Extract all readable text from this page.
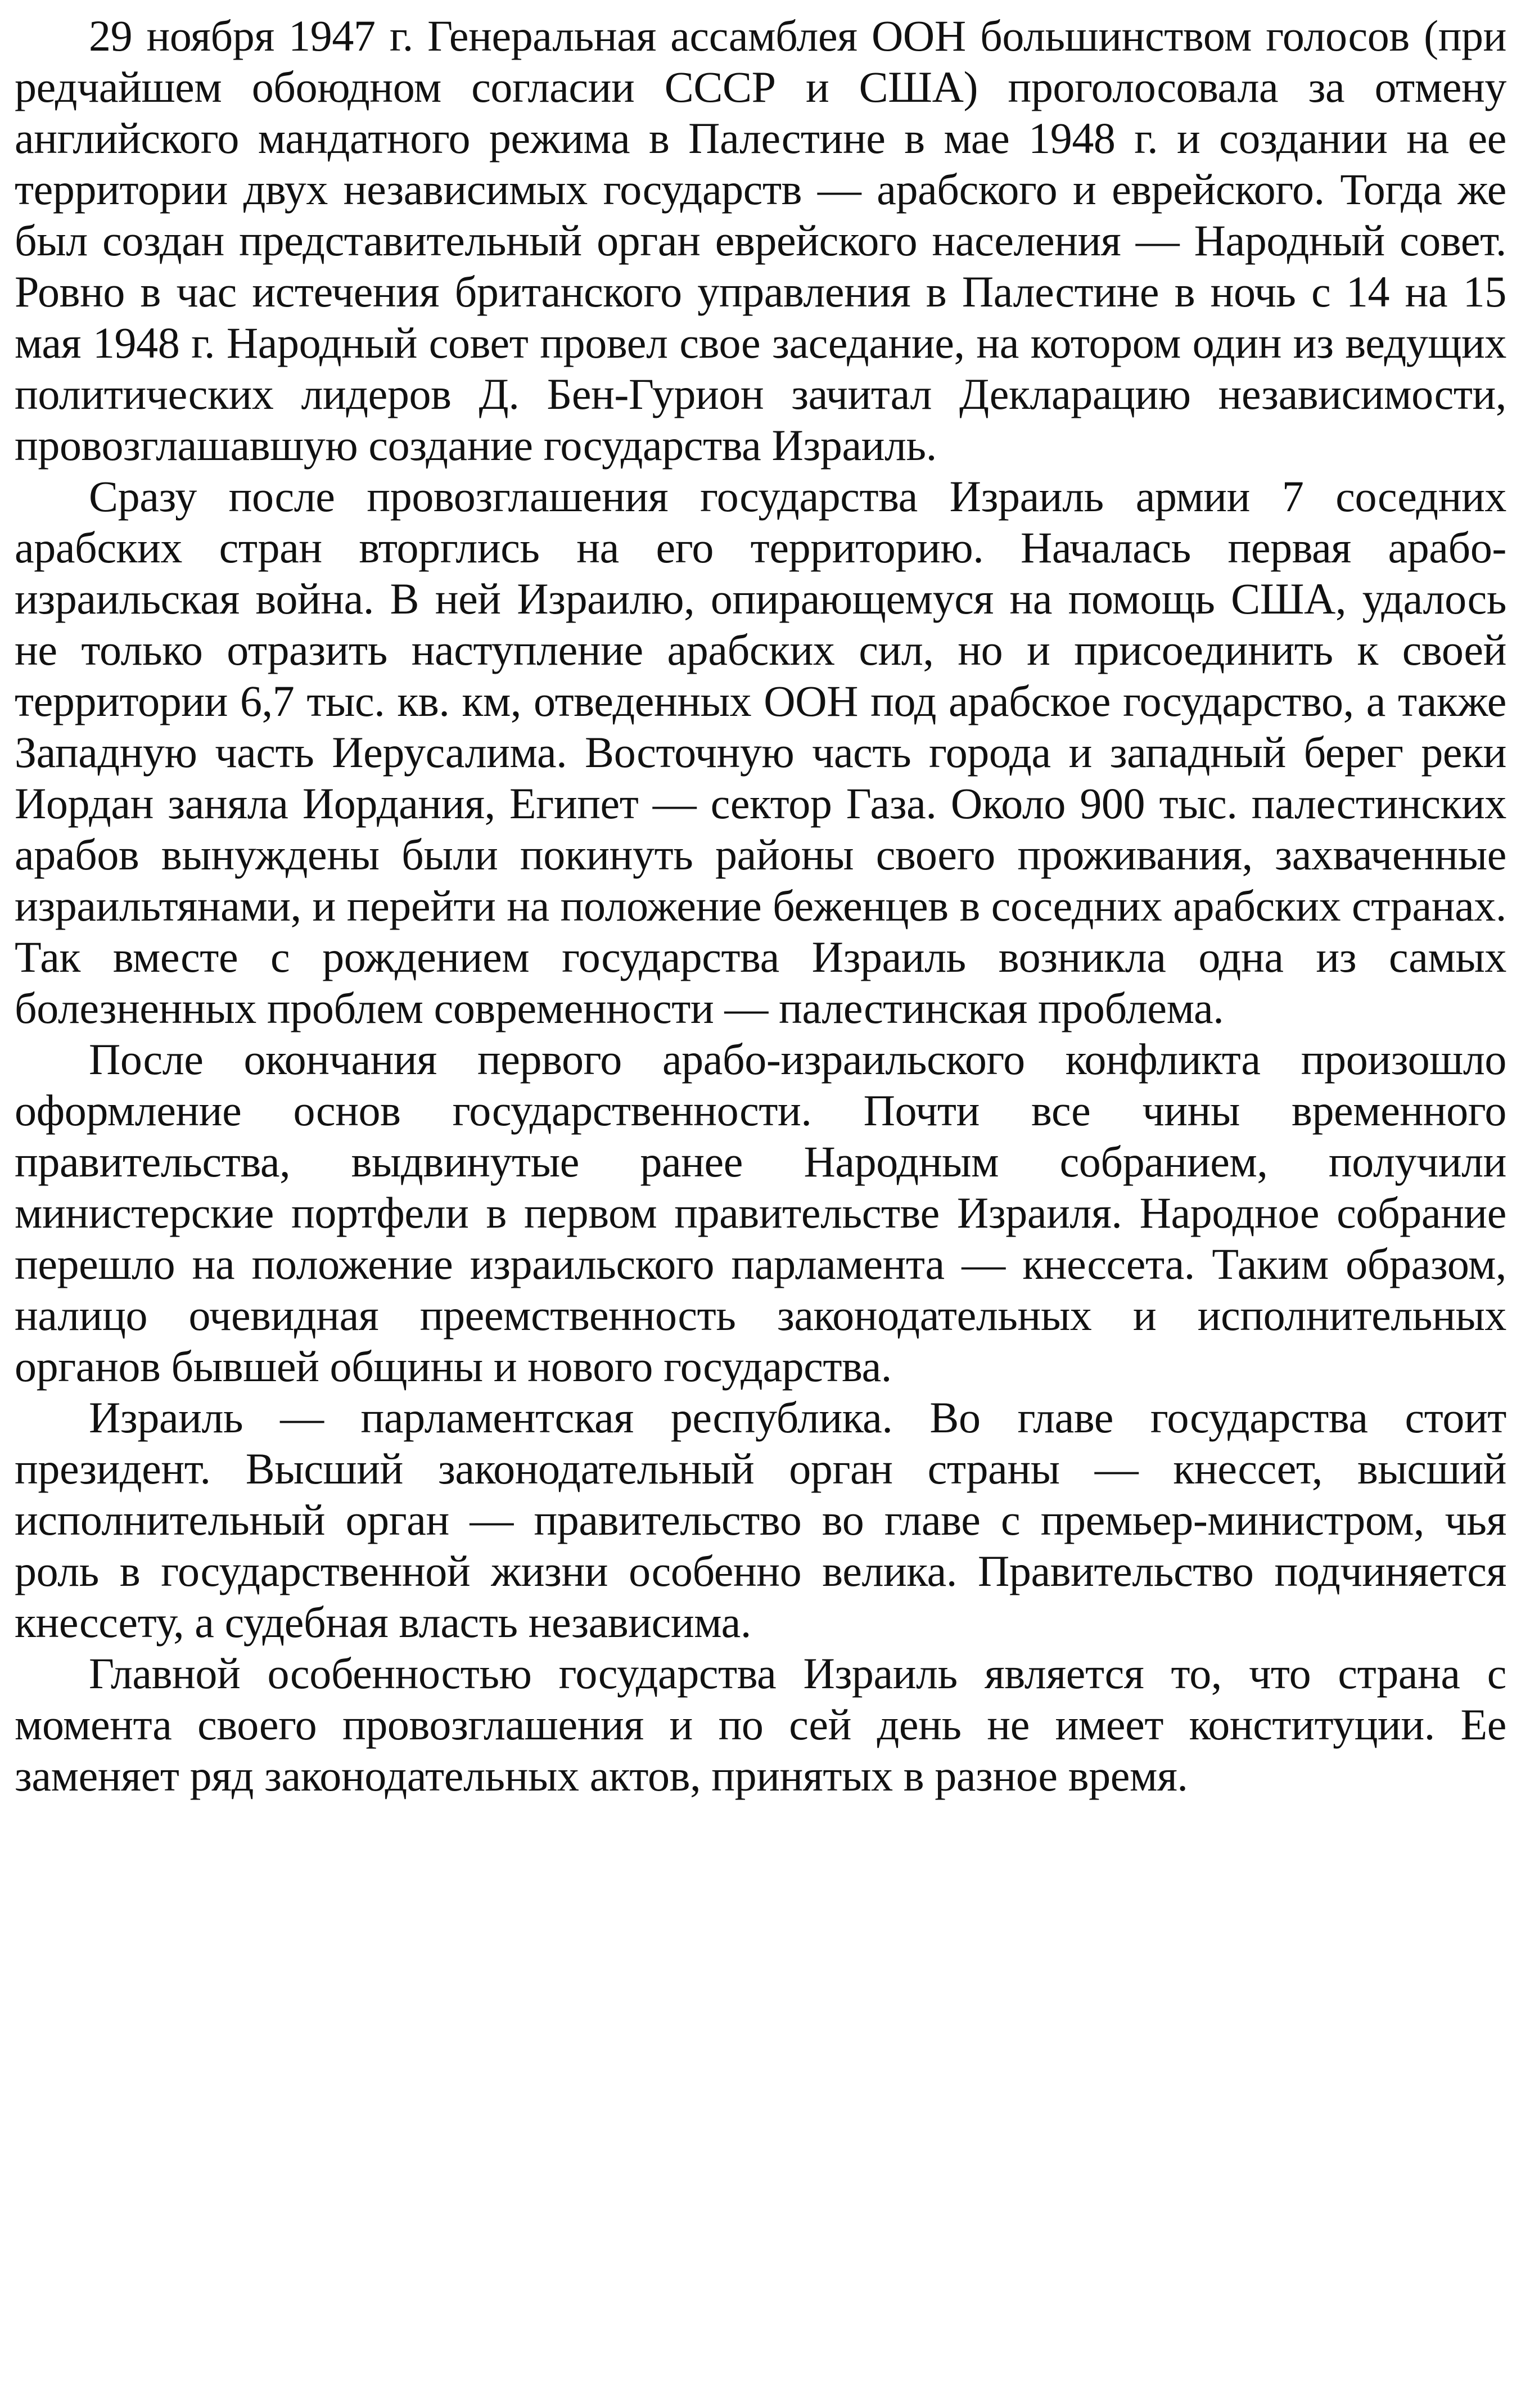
29 ноября 1947 г. Генеральная ассамблея ООН большинством голосов (при редчайшем обоюдном согласии СССР и США) проголосовала за отмену английского мандатного режима в Палестине в мае 1948 г. и создании на ее территории двух независимых государств — арабского и еврейского. Тогда же был создан представительный орган еврейского населения — Народный совет. Ровно в час истечения британского управления в Палестине в ночь с 14 на 15 мая 1948 г. Народный совет провел свое заседание, на котором один из ведущих политических лидеров Д. Бен-Гурион зачитал Декларацию независимости, провозглашавшую создание государства Израиль.

Сразу после провозглашения государства Израиль армии 7 соседних арабских стран вторглись на его территорию. Началась первая арабо-израильская война. В ней Израилю, опирающемуся на помощь США, удалось не только отразить наступление арабских сил, но и присоединить к своей территории 6,7 тыс. кв. км, отведенных ООН под арабское государство, а также Западную часть Иерусалима. Восточную часть города и западный берег реки Иордан заняла Иордания, Египет — сектор Газа. Около 900 тыс. палестинских арабов вынуждены были покинуть районы своего проживания, захваченные израильтянами, и перейти на положение беженцев в соседних арабских странах. Так вместе с рождением государства Израиль возникла одна из самых болезненных проблем современности — палестинская проблема.

После окончания первого арабо-израильского конфликта произошло оформление основ государственности. Почти все чины временного правительства, выдвинутые ранее Народным собранием, получили министерские портфели в первом правительстве Израиля. Народное собрание перешло на положение израильского парламента — кнессета. Таким образом, налицо очевидная преемственность законодательных и исполнительных органов бывшей общины и нового государства.

Израиль — парламентская республика. Во главе государства стоит президент. Высший законодательный орган страны — кнессет, высший исполнительный орган — правительство во главе с премьер-министром, чья роль в государственной жизни особенно велика. Правительство подчиняется кнессету, а судебная власть независима.

Главной особенностью государства Израиль является то, что страна с момента своего провозглашения и по сей день не имеет конституции. Ее заменяет ряд законодательных актов, принятых в разное время.
